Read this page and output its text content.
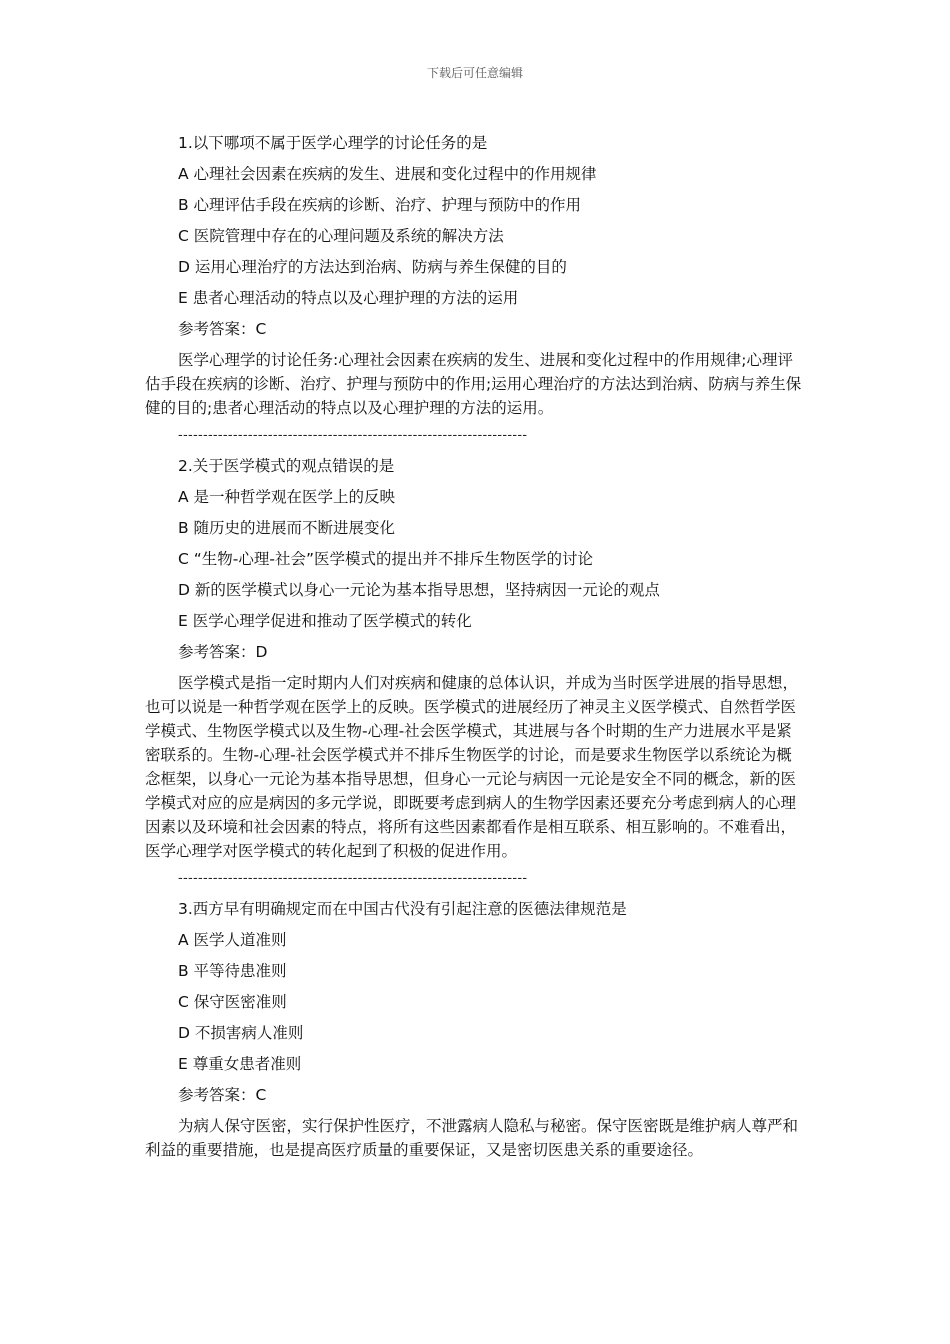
下载后可任意编辑

1.以下哪项不属于医学心理学的讨论任务的是

A 心理社会因素在疾病的发生、进展和变化过程中的作用规律

B 心理评估手段在疾病的诊断、治疗、护理与预防中的作用

C 医院管理中存在的心理问题及系统的解决方法

D 运用心理治疗的方法达到治病、防病与养生保健的目的

E 患者心理活动的特点以及心理护理的方法的运用

参考答案：C

医学心理学的讨论任务:心理社会因素在疾病的发生、进展和变化过程中的作用规律;心理评估手段在疾病的诊断、治疗、护理与预防中的作用;运用心理治疗的方法达到治病、防病与养生保健的目的;患者心理活动的特点以及心理护理的方法的运用。

----------------------------------------------------------------------

2.关于医学模式的观点错误的是

A 是一种哲学观在医学上的反映

B 随历史的进展而不断进展变化

C “生物-心理-社会”医学模式的提出并不排斥生物医学的讨论

D 新的医学模式以身心一元论为基本指导思想，坚持病因一元论的观点

E 医学心理学促进和推动了医学模式的转化

参考答案：D

医学模式是指一定时期内人们对疾病和健康的总体认识，并成为当时医学进展的指导思想，也可以说是一种哲学观在医学上的反映。医学模式的进展经历了神灵主义医学模式、自然哲学医学模式、生物医学模式以及生物-心理-社会医学模式，其进展与各个时期的生产力进展水平是紧密联系的。生物-心理-社会医学模式并不排斥生物医学的讨论，而是要求生物医学以系统论为概念框架，以身心一元论为基本指导思想，但身心一元论与病因一元论是安全不同的概念，新的医学模式对应的应是病因的多元学说，即既要考虑到病人的生物学因素还要充分考虑到病人的心理因素以及环境和社会因素的特点，将所有这些因素都看作是相互联系、相互影响的。不难看出，医学心理学对医学模式的转化起到了积极的促进作用。

----------------------------------------------------------------------

3.西方早有明确规定而在中国古代没有引起注意的医德法律规范是

A 医学人道准则

B 平等待患准则

C 保守医密准则

D 不损害病人准则

E 尊重女患者准则

参考答案：C

为病人保守医密，实行保护性医疗，不泄露病人隐私与秘密。保守医密既是维护病人尊严和利益的重要措施，也是提高医疗质量的重要保证，又是密切医患关系的重要途径。
